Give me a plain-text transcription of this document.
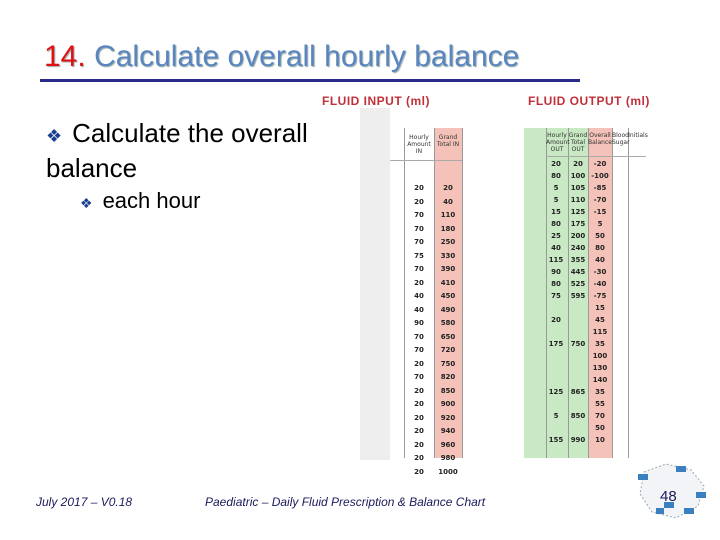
14. Calculate overall hourly balance
❖ Calculate the overall balance
❖ each hour
FLUID INPUT (ml)
Hourly Amount IN
Grand Total IN
20
20
70
70
70
75
70
20
40
40
90
70
70
20
70
20
20
20
20
20
20
20
20
40
110
180
250
330
390
410
450
490
580
650
720
750
820
850
900
920
940
960
980
1000
FLUID OUTPUT (ml)
Hourly Amount OUT
Grand Total OUT
Overall Balance
Blood Sugar
Initials
20
80
5
5
15
80
25
40
115
90
80
75

20

175

125

5

155
20
100
105
110
125
175
200
240
355
445
525
595

750

865

850

990
-20
-100
-85
-70
-15
5
50
80
40
-30
-40
-75
15
45
115
35
100
130
140
35
55
70
50
10
July 2017 – V0.18	Paediatric – Daily Fluid Prescription & Balance Chart	48
